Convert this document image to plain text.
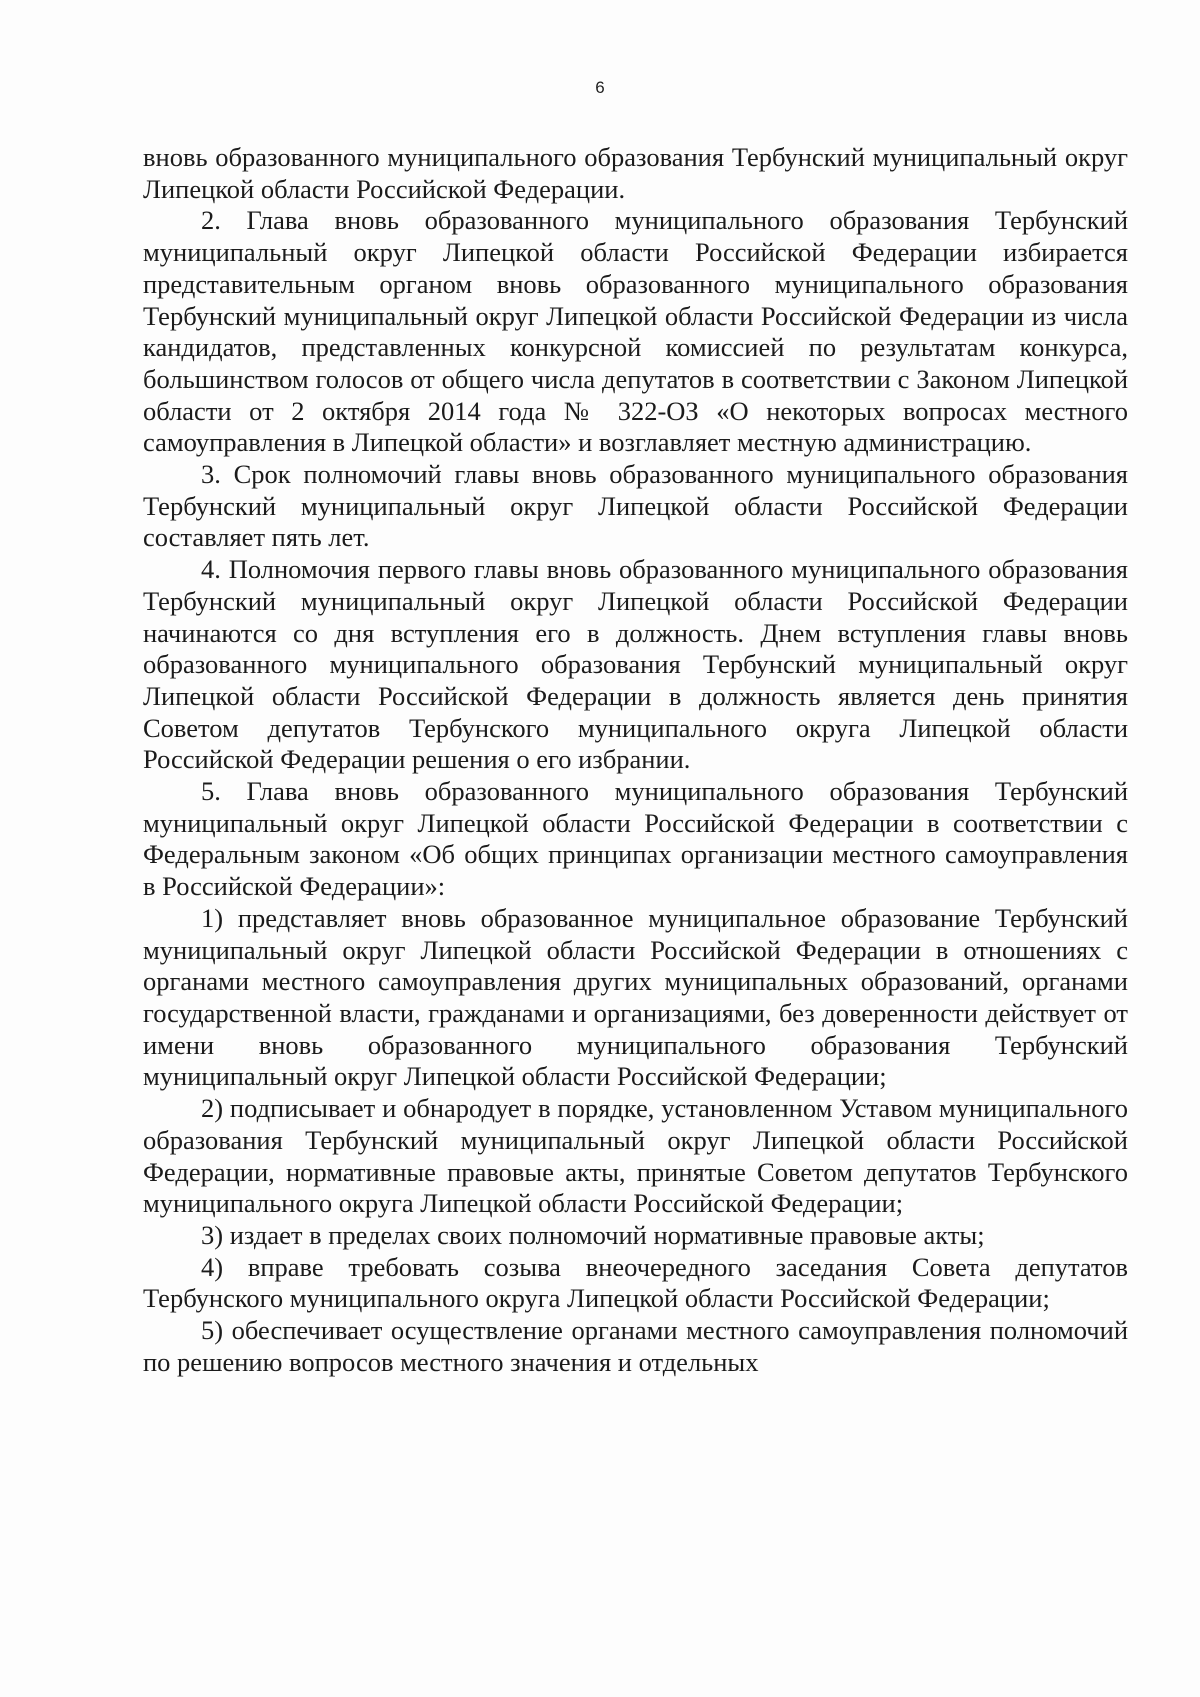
6

вновь образованного муниципального образования Тербунский муниципальный округ Липецкой области Российской Федерации.

2. Глава вновь образованного муниципального образования Тербунский муниципальный округ Липецкой области Российской Федерации избирается представительным органом вновь образованного муниципального образования Тербунский муниципальный округ Липецкой области Российской Федерации из числа кандидатов, представленных конкурсной комиссией по результатам конкурса, большинством голосов от общего числа депутатов в соответствии с Законом Липецкой области от 2 октября 2014 года № 322-ОЗ «О некоторых вопросах местного самоуправления в Липецкой области» и возглавляет местную администрацию.

3. Срок полномочий главы вновь образованного муниципального образования Тербунский муниципальный округ Липецкой области Российской Федерации составляет пять лет.

4. Полномочия первого главы вновь образованного муниципального образования Тербунский муниципальный округ Липецкой области Российской Федерации начинаются со дня вступления его в должность. Днем вступления главы вновь образованного муниципального образования Тербунский муниципальный округ Липецкой области Российской Федерации в должность является день принятия Советом депутатов Тербунского муниципального округа Липецкой области Российской Федерации решения о его избрании.

5. Глава вновь образованного муниципального образования Тербунский муниципальный округ Липецкой области Российской Федерации в соответствии с Федеральным законом «Об общих принципах организации местного самоуправления в Российской Федерации»:

1) представляет вновь образованное муниципальное образование Тербунский муниципальный округ Липецкой области Российской Федерации в отношениях с органами местного самоуправления других муниципальных образований, органами государственной власти, гражданами и организациями, без доверенности действует от имени вновь образованного муниципального образования Тербунский муниципальный округ Липецкой области Российской Федерации;

2) подписывает и обнародует в порядке, установленном Уставом муниципального образования Тербунский муниципальный округ Липецкой области Российской Федерации, нормативные правовые акты, принятые Советом депутатов Тербунского муниципального округа Липецкой области Российской Федерации;

3) издает в пределах своих полномочий нормативные правовые акты;

4) вправе требовать созыва внеочередного заседания Совета депутатов Тербунского муниципального округа Липецкой области Российской Федерации;

5) обеспечивает осуществление органами местного самоуправления полномочий по решению вопросов местного значения и отдельных
